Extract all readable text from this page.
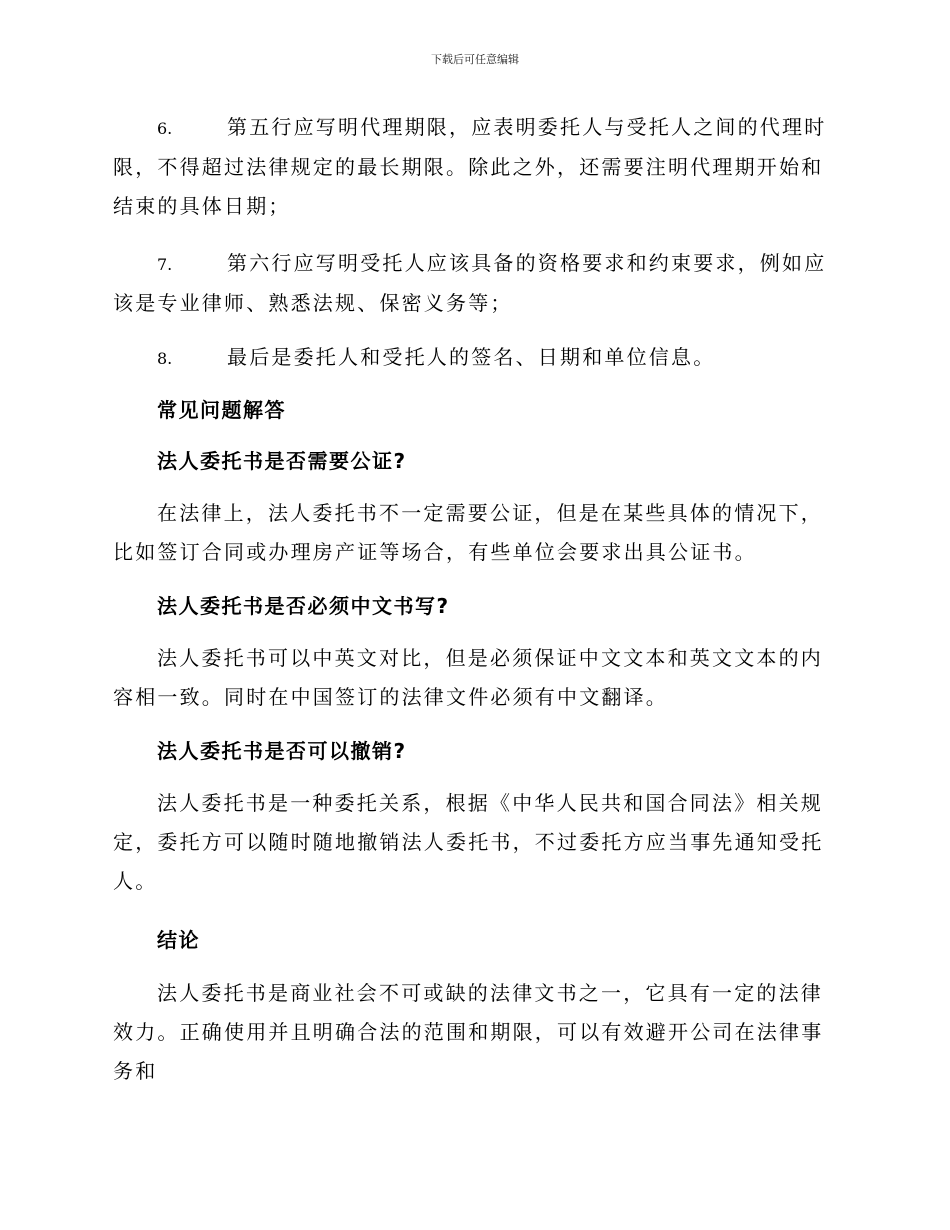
下载后可任意编辑

6.	第五行应写明代理期限，应表明委托人与受托人之间的代理时限，不得超过法律规定的最长期限。除此之外，还需要注明代理期开始和结束的具体日期；

7.	第六行应写明受托人应该具备的资格要求和约束要求，例如应该是专业律师、熟悉法规、保密义务等；

8.	最后是委托人和受托人的签名、日期和单位信息。

常见问题解答
法人委托书是否需要公证?

在法律上，法人委托书不一定需要公证，但是在某些具体的情况下，比如签订合同或办理房产证等场合，有些单位会要求出具公证书。

法人委托书是否必须中文书写?

法人委托书可以中英文对比，但是必须保证中文文本和英文文本的内容相一致。同时在中国签订的法律文件必须有中文翻译。

法人委托书是否可以撤销?

法人委托书是一种委托关系，根据《中华人民共和国合同法》相关规定，委托方可以随时随地撤销法人委托书，不过委托方应当事先通知受托人。

结论

法人委托书是商业社会不可或缺的法律文书之一，它具有一定的法律效力。正确使用并且明确合法的范围和期限，可以有效避开公司在法律事务和
